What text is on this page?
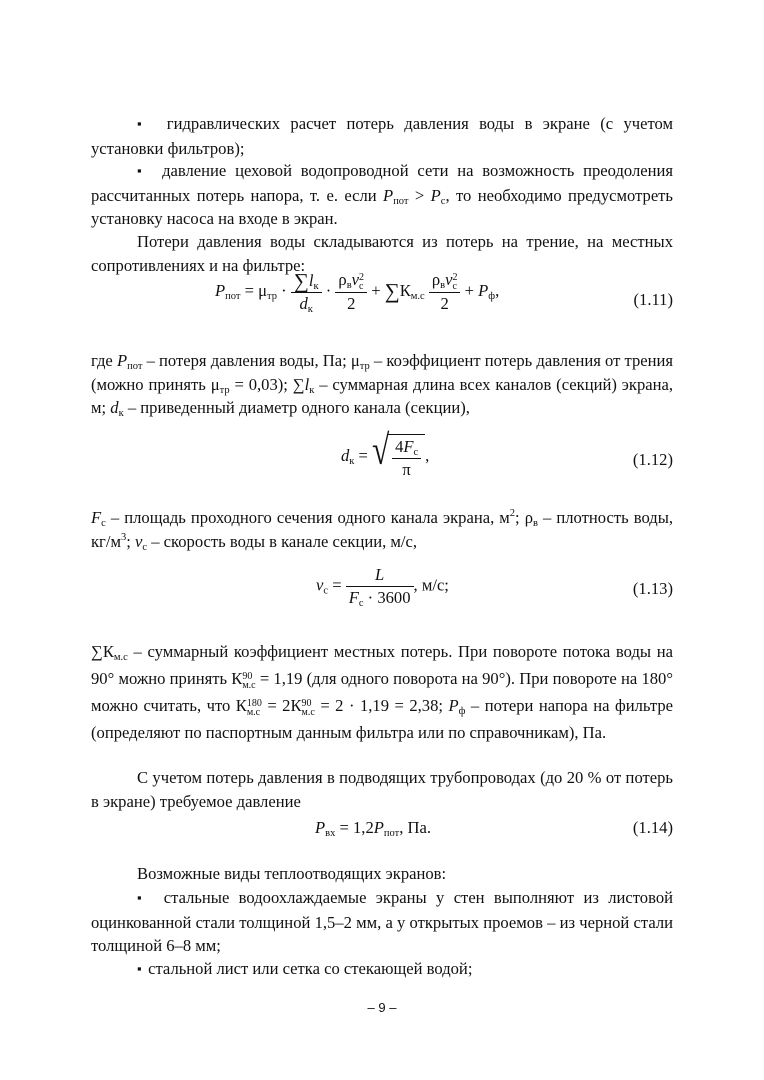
▪  гидравлических расчет потерь давления воды в экране (с учетом установки фильтров);

▪  давление цеховой водопроводной сети на возможность преодоления рассчитанных потерь напора, т. е. если $P_{пот} > P_с$, то необходимо предусмотреть установку насоса на входе в экран.

Потери давления воды складываются из потерь на трение, на местных сопротивлениях и на фильтре:

$P_{пот} = \mu_{тр} \cdot \frac{\sum l_к}{d_к} \cdot \rho_вv$ 2
с
$2 + \sum К_{м.с}$ $\rho_вv$ 2
с
$2 + P_ф$,	(1.11)

где $P_{пот}$ – потеря давления воды, Па; $\mu_{тр}$ – коэффициент потерь давления от трения (можно принять $\mu_{тр} = 0,03$); $\sum l_к$ – суммарная длина всех каналов (секций) экрана, м; $d_к$ – приведенный диаметр одного канала (секции),

$d_к$ = √ $\frac{4F_с}{\pi}$ ,	(1.12)

$F_с$ – площадь проходного сечения одного канала экрана, $м^2$; $\rho_в$ – плотность воды, $кг/м^3$; $v_с$ – скорость воды в канале секции, м/с,

$v_с = \frac{L}{F_с \cdot 3600}$ , м/с;	(1.13)

$\sum К_{м.с}$ – суммарный коэффициент местных потерь. При повороте потока воды на 90° можно принять К 90
м.с = 1,19 (для одного поворота на 90°). При повороте на 180° можно считать, что К 180
м.с = 2К 90
м.с = 2 · 1,19 = 2,38; $P_ф$ – потери напора на фильтре (определяют по паспортным данным фильтра или по справочникам), Па.

С учетом потерь давления в подводящих трубопроводах (до 20 % от потерь в экране) требуемое давление

$P_{вх} = 1,2P_{пот}$, Па.	(1.14)

Возможные виды теплоотводящих экранов:

▪  стальные водоохлаждаемые экраны у стен выполняют из листовой оцинкованной стали толщиной 1,5–2 мм, а у открытых проемов – из черной стали толщиной 6–8 мм;

▪  стальной лист или сетка со стекающей водой;

– 9 –
